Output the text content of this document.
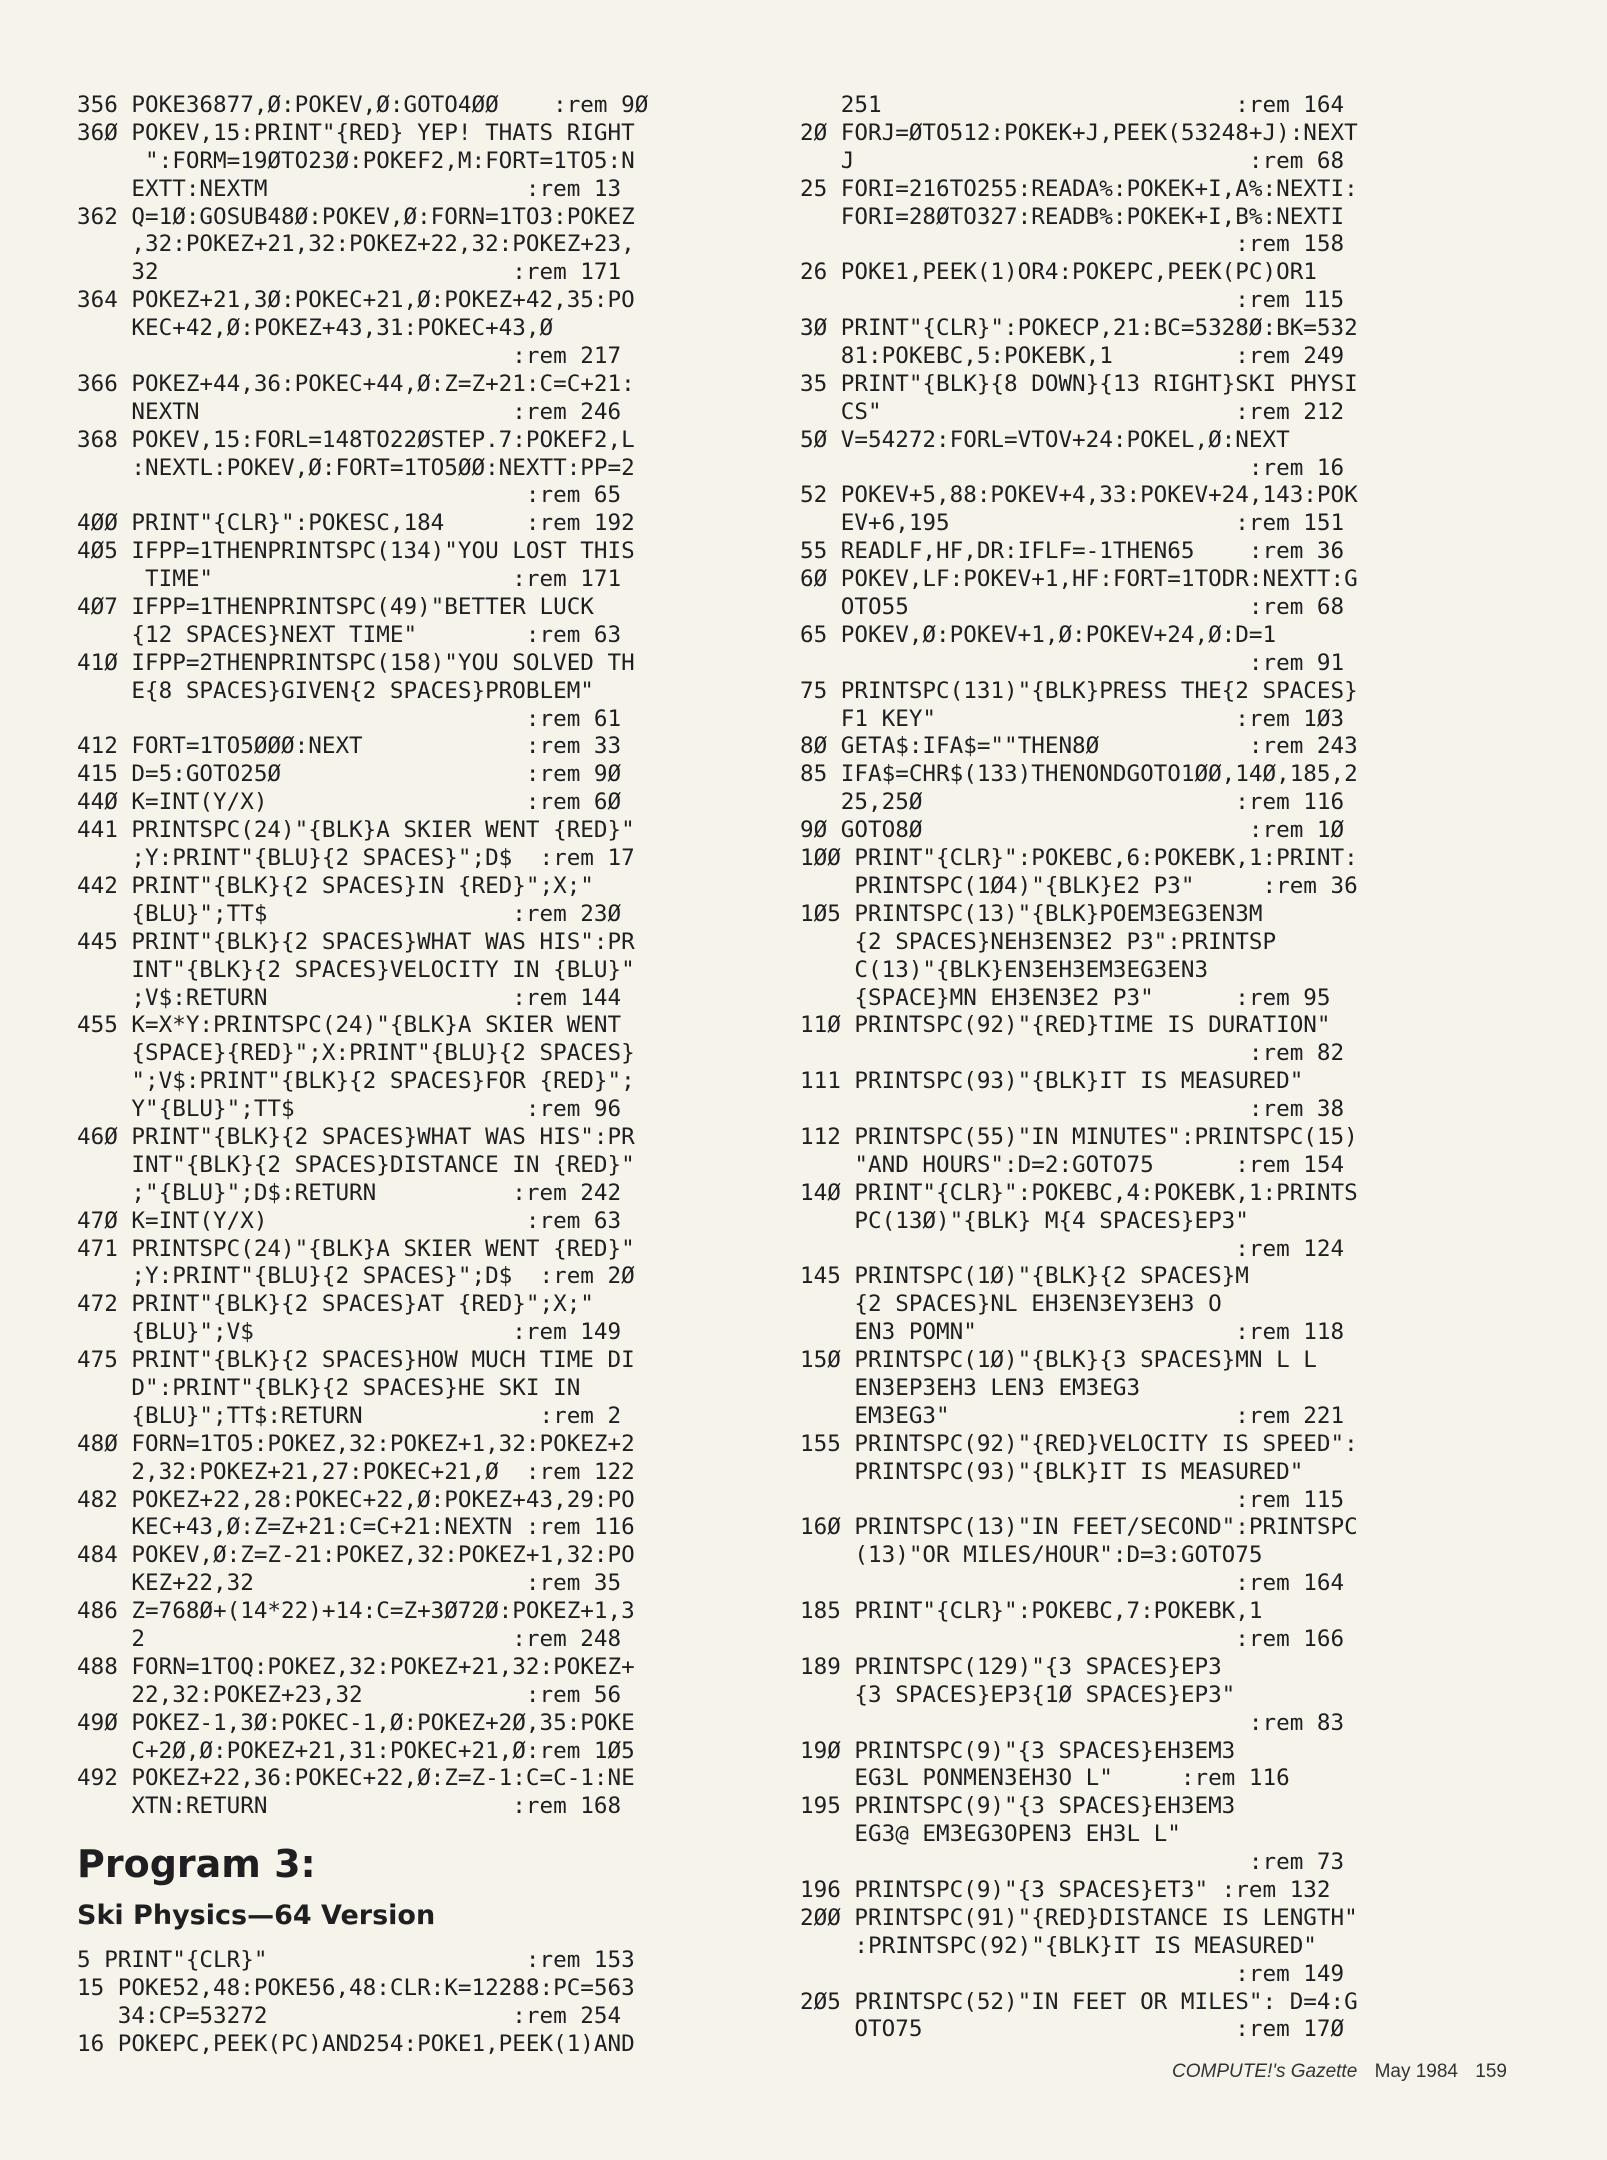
356 POKE36877,Ø:POKEV,Ø:GOTO4ØØ    :rem 9Ø
36Ø POKEV,15:PRINT"{RED} YEP! THATS RIGHT
":FORM=19ØTO23Ø:POKEF2,M:FORT=1TO5:N
EXTT:NEXTM                   :rem 13
362 Q=1Ø:GOSUB48Ø:POKEV,Ø:FORN=1TO3:POKEZ
,32:POKEZ+21,32:POKEZ+22,32:POKEZ+23,
32                          :rem 171
364 POKEZ+21,3Ø:POKEC+21,Ø:POKEZ+42,35:PO
KEC+42,Ø:POKEZ+43,31:POKEC+43,Ø
:rem 217
366 POKEZ+44,36:POKEC+44,Ø:Z=Z+21:C=C+21:
NEXTN                       :rem 246
368 POKEV,15:FORL=148TO22ØSTEP.7:POKEF2,L
:NEXTL:POKEV,Ø:FORT=1TO5ØØ:NEXTT:PP=2
:rem 65
4ØØ PRINT"{CLR}":POKESC,184      :rem 192
4Ø5 IFPP=1THENPRINTSPC(134)"YOU LOST THIS
TIME"                      :rem 171
4Ø7 IFPP=1THENPRINTSPC(49)"BETTER LUCK
{12 SPACES}NEXT TIME"        :rem 63
41Ø IFPP=2THENPRINTSPC(158)"YOU SOLVED TH
E{8 SPACES}GIVEN{2 SPACES}PROBLEM"
:rem 61
412 FORT=1TO5ØØØ:NEXT            :rem 33
415 D=5:GOTO25Ø                  :rem 9Ø
44Ø K=INT(Y/X)                   :rem 6Ø
441 PRINTSPC(24)"{BLK}A SKIER WENT {RED}"
;Y:PRINT"{BLU}{2 SPACES}";D$  :rem 17
442 PRINT"{BLK}{2 SPACES}IN {RED}";X;"
{BLU}";TT$                  :rem 23Ø
445 PRINT"{BLK}{2 SPACES}WHAT WAS HIS":PR
INT"{BLK}{2 SPACES}VELOCITY IN {BLU}"
;V$:RETURN                  :rem 144
455 K=X*Y:PRINTSPC(24)"{BLK}A SKIER WENT
{SPACE}{RED}";X:PRINT"{BLU}{2 SPACES}
";V$:PRINT"{BLK}{2 SPACES}FOR {RED}";
Y"{BLU}";TT$                 :rem 96
46Ø PRINT"{BLK}{2 SPACES}WHAT WAS HIS":PR
INT"{BLK}{2 SPACES}DISTANCE IN {RED}"
;"{BLU}";D$:RETURN          :rem 242
47Ø K=INT(Y/X)                   :rem 63
471 PRINTSPC(24)"{BLK}A SKIER WENT {RED}"
;Y:PRINT"{BLU}{2 SPACES}";D$  :rem 2Ø
472 PRINT"{BLK}{2 SPACES}AT {RED}";X;"
{BLU}";V$                   :rem 149
475 PRINT"{BLK}{2 SPACES}HOW MUCH TIME DI
D":PRINT"{BLK}{2 SPACES}HE SKI IN
{BLU}";TT$:RETURN             :rem 2
48Ø FORN=1TO5:POKEZ,32:POKEZ+1,32:POKEZ+2
2,32:POKEZ+21,27:POKEC+21,Ø  :rem 122
482 POKEZ+22,28:POKEC+22,Ø:POKEZ+43,29:PO
KEC+43,Ø:Z=Z+21:C=C+21:NEXTN :rem 116
484 POKEV,Ø:Z=Z-21:POKEZ,32:POKEZ+1,32:PO
KEZ+22,32                    :rem 35
486 Z=768Ø+(14*22)+14:C=Z+3Ø72Ø:POKEZ+1,3
2                           :rem 248
488 FORN=1TOQ:POKEZ,32:POKEZ+21,32:POKEZ+
22,32:POKEZ+23,32            :rem 56
49Ø POKEZ-1,3Ø:POKEC-1,Ø:POKEZ+2Ø,35:POKE
C+2Ø,Ø:POKEZ+21,31:POKEC+21,Ø:rem 1Ø5
492 POKEZ+22,36:POKEC+22,Ø:Z=Z-1:C=C-1:NE
XTN:RETURN                  :rem 168
Program 3:
Ski Physics—64 Version
5 PRINT"{CLR}"                   :rem 153
15 POKE52,48:POKE56,48:CLR:K=12288:PC=563
34:CP=53272                  :rem 254
16 POKEPC,PEEK(PC)AND254:POKE1,PEEK(1)AND
251                          :rem 164
2Ø FORJ=ØTO512:POKEK+J,PEEK(53248+J):NEXT
J                             :rem 68
25 FORI=216TO255:READA%:POKEK+I,A%:NEXTI:
FORI=28ØTO327:READB%:POKEK+I,B%:NEXTI
:rem 158
26 POKE1,PEEK(1)OR4:POKEPC,PEEK(PC)OR1
:rem 115
3Ø PRINT"{CLR}":POKECP,21:BC=5328Ø:BK=532
81:POKEBC,5:POKEBK,1         :rem 249
35 PRINT"{BLK}{8 DOWN}{13 RIGHT}SKI PHYSI
CS"                          :rem 212
5Ø V=54272:FORL=VTOV+24:POKEL,Ø:NEXT
:rem 16
52 POKEV+5,88:POKEV+4,33:POKEV+24,143:POK
EV+6,195                     :rem 151
55 READLF,HF,DR:IFLF=-1THEN65    :rem 36
6Ø POKEV,LF:POKEV+1,HF:FORT=1TODR:NEXTT:G
OTO55                         :rem 68
65 POKEV,Ø:POKEV+1,Ø:POKEV+24,Ø:D=1
:rem 91
75 PRINTSPC(131)"{BLK}PRESS THE{2 SPACES}
F1 KEY"                      :rem 1Ø3
8Ø GETA$:IFA$=""THEN8Ø           :rem 243
85 IFA$=CHR$(133)THENONDGOTO1ØØ,14Ø,185,2
25,25Ø                       :rem 116
9Ø GOTO8Ø                        :rem 1Ø
1ØØ PRINT"{CLR}":POKEBC,6:POKEBK,1:PRINT:
PRINTSPC(1Ø4)"{BLK}E2 P3"     :rem 36
1Ø5 PRINTSPC(13)"{BLK}POEM3EG3EN3M
{2 SPACES}NEH3EN3E2 P3":PRINTSP
C(13)"{BLK}EN3EH3EM3EG3EN3
{SPACE}MN EH3EN3E2 P3"      :rem 95
11Ø PRINTSPC(92)"{RED}TIME IS DURATION"
:rem 82
111 PRINTSPC(93)"{BLK}IT IS MEASURED"
:rem 38
112 PRINTSPC(55)"IN MINUTES":PRINTSPC(15)
"AND HOURS":D=2:GOTO75      :rem 154
14Ø PRINT"{CLR}":POKEBC,4:POKEBK,1:PRINTS
PC(13Ø)"{BLK} M{4 SPACES}EP3"
:rem 124
145 PRINTSPC(1Ø)"{BLK}{2 SPACES}M
{2 SPACES}NL EH3EN3EY3EH3 O
EN3 POMN"                   :rem 118
15Ø PRINTSPC(1Ø)"{BLK}{3 SPACES}MN L L
EN3EP3EH3 LEN3 EM3EG3
EM3EG3"                     :rem 221
155 PRINTSPC(92)"{RED}VELOCITY IS SPEED":
PRINTSPC(93)"{BLK}IT IS MEASURED"
:rem 115
16Ø PRINTSPC(13)"IN FEET/SECOND":PRINTSPC
(13)"OR MILES/HOUR":D=3:GOTO75
:rem 164
185 PRINT"{CLR}":POKEBC,7:POKEBK,1
:rem 166
189 PRINTSPC(129)"{3 SPACES}EP3
{3 SPACES}EP3{1Ø SPACES}EP3"
:rem 83
19Ø PRINTSPC(9)"{3 SPACES}EH3EM3
EG3L PONMEN3EH3O L"     :rem 116
195 PRINTSPC(9)"{3 SPACES}EH3EM3
EG3@ EM3EG3OPEN3 EH3L L"
:rem 73
196 PRINTSPC(9)"{3 SPACES}ET3" :rem 132
2ØØ PRINTSPC(91)"{RED}DISTANCE IS LENGTH"
:PRINTSPC(92)"{BLK}IT IS MEASURED"
:rem 149
2Ø5 PRINTSPC(52)"IN FEET OR MILES": D=4:G
OTO75                       :rem 17Ø
COMPUTE!'s Gazette May 1984 159
